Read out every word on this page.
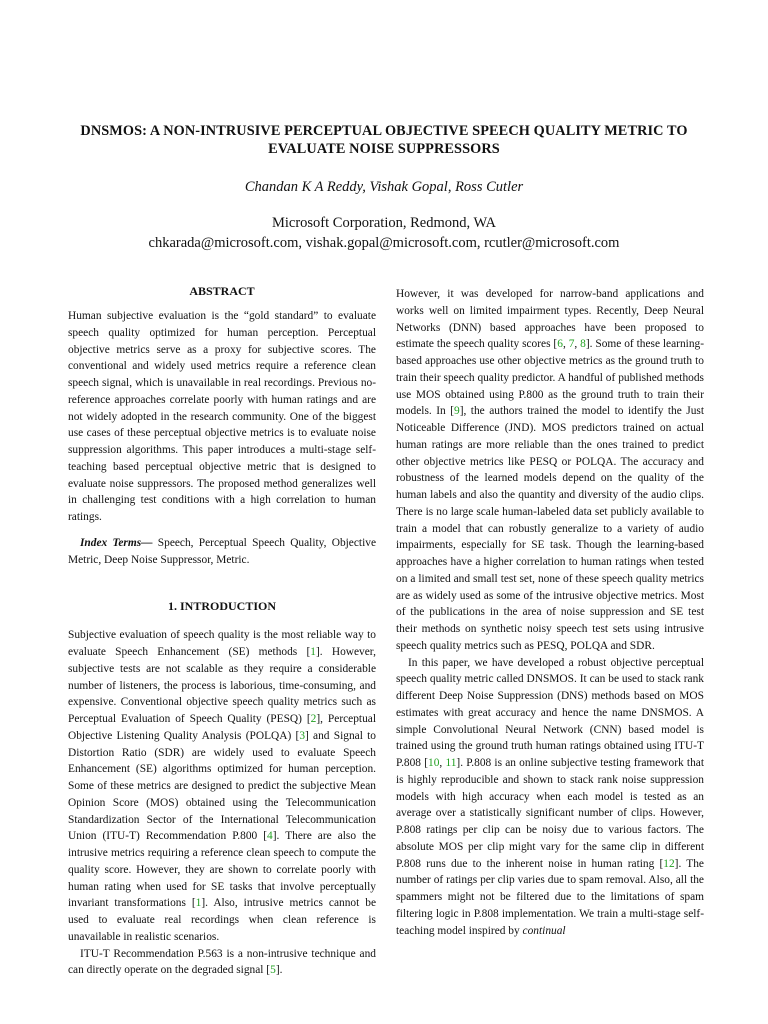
DNSMOS: A NON-INTRUSIVE PERCEPTUAL OBJECTIVE SPEECH QUALITY METRIC TO
EVALUATE NOISE SUPPRESSORS
Chandan K A Reddy, Vishak Gopal, Ross Cutler
Microsoft Corporation, Redmond, WA
chkarada@microsoft.com, vishak.gopal@microsoft.com, rcutler@microsoft.com
ABSTRACT

Human subjective evaluation is the “gold standard” to evaluate speech quality optimized for human perception. Perceptual objective metrics serve as a proxy for subjective scores. The conventional and widely used metrics require a reference clean speech signal, which is unavailable in real recordings. Previous no-reference approaches correlate poorly with human ratings and are not widely adopted in the research community. One of the biggest use cases of these perceptual objective metrics is to evaluate noise suppression algorithms. This paper introduces a multi-stage self-teaching based perceptual objective metric that is designed to evaluate noise suppressors. The proposed method generalizes well in challenging test conditions with a high correlation to human ratings.

Index Terms— Speech, Perceptual Speech Quality, Objective Metric, Deep Noise Suppressor, Metric.

1. INTRODUCTION

Subjective evaluation of speech quality is the most reliable way to evaluate Speech Enhancement (SE) methods [1]. However, subjective tests are not scalable as they require a considerable number of listeners, the process is laborious, time-consuming, and expensive. Conventional objective speech quality metrics such as Perceptual Evaluation of Speech Quality (PESQ) [2], Perceptual Objective Listening Quality Analysis (POLQA) [3] and Signal to Distortion Ratio (SDR) are widely used to evaluate Speech Enhancement (SE) algorithms optimized for human perception. Some of these metrics are designed to predict the subjective Mean Opinion Score (MOS) obtained using the Telecommunication Standardization Sector of the International Telecommunication Union (ITU-T) Recommendation P.800 [4]. There are also the intrusive metrics requiring a reference clean speech to compute the quality score. However, they are shown to correlate poorly with human rating when used for SE tasks that involve perceptually invariant transformations [1]. Also, intrusive metrics cannot be used to evaluate real recordings when clean reference is unavailable in realistic scenarios.

ITU-T Recommendation P.563 is a non-intrusive technique and can directly operate on the degraded signal [5].

However, it was developed for narrow-band applications and works well on limited impairment types. Recently, Deep Neural Networks (DNN) based approaches have been proposed to estimate the speech quality scores [6, 7, 8]. Some of these learning-based approaches use other objective metrics as the ground truth to train their speech quality predictor. A handful of published methods use MOS obtained using P.800 as the ground truth to train their models. In [9], the authors trained the model to identify the Just Noticeable Difference (JND). MOS predictors trained on actual human ratings are more reliable than the ones trained to predict other objective metrics like PESQ or POLQA. The accuracy and robustness of the learned models depend on the quality of the human labels and also the quantity and diversity of the audio clips. There is no large scale human-labeled data set publicly available to train a model that can robustly generalize to a variety of audio impairments, especially for SE task. Though the learning-based approaches have a higher correlation to human ratings when tested on a limited and small test set, none of these speech quality metrics are as widely used as some of the intrusive objective metrics. Most of the publications in the area of noise suppression and SE test their methods on synthetic noisy speech test sets using intrusive speech quality metrics such as PESQ, POLQA and SDR.

In this paper, we have developed a robust objective perceptual speech quality metric called DNSMOS. It can be used to stack rank different Deep Noise Suppression (DNS) methods based on MOS estimates with great accuracy and hence the name DNSMOS. A simple Convolutional Neural Network (CNN) based model is trained using the ground truth human ratings obtained using ITU-T P.808 [10, 11]. P.808 is an online subjective testing framework that is highly reproducible and shown to stack rank noise suppression models with high accuracy when each model is tested as an average over a statistically significant number of clips. However, P.808 ratings per clip can be noisy due to various factors. The absolute MOS per clip might vary for the same clip in different P.808 runs due to the inherent noise in human rating [12]. The number of ratings per clip varies due to spam removal. Also, all the spammers might not be filtered due to the limitations of spam filtering logic in P.808 implementation. We train a multi-stage self-teaching model inspired by continual
